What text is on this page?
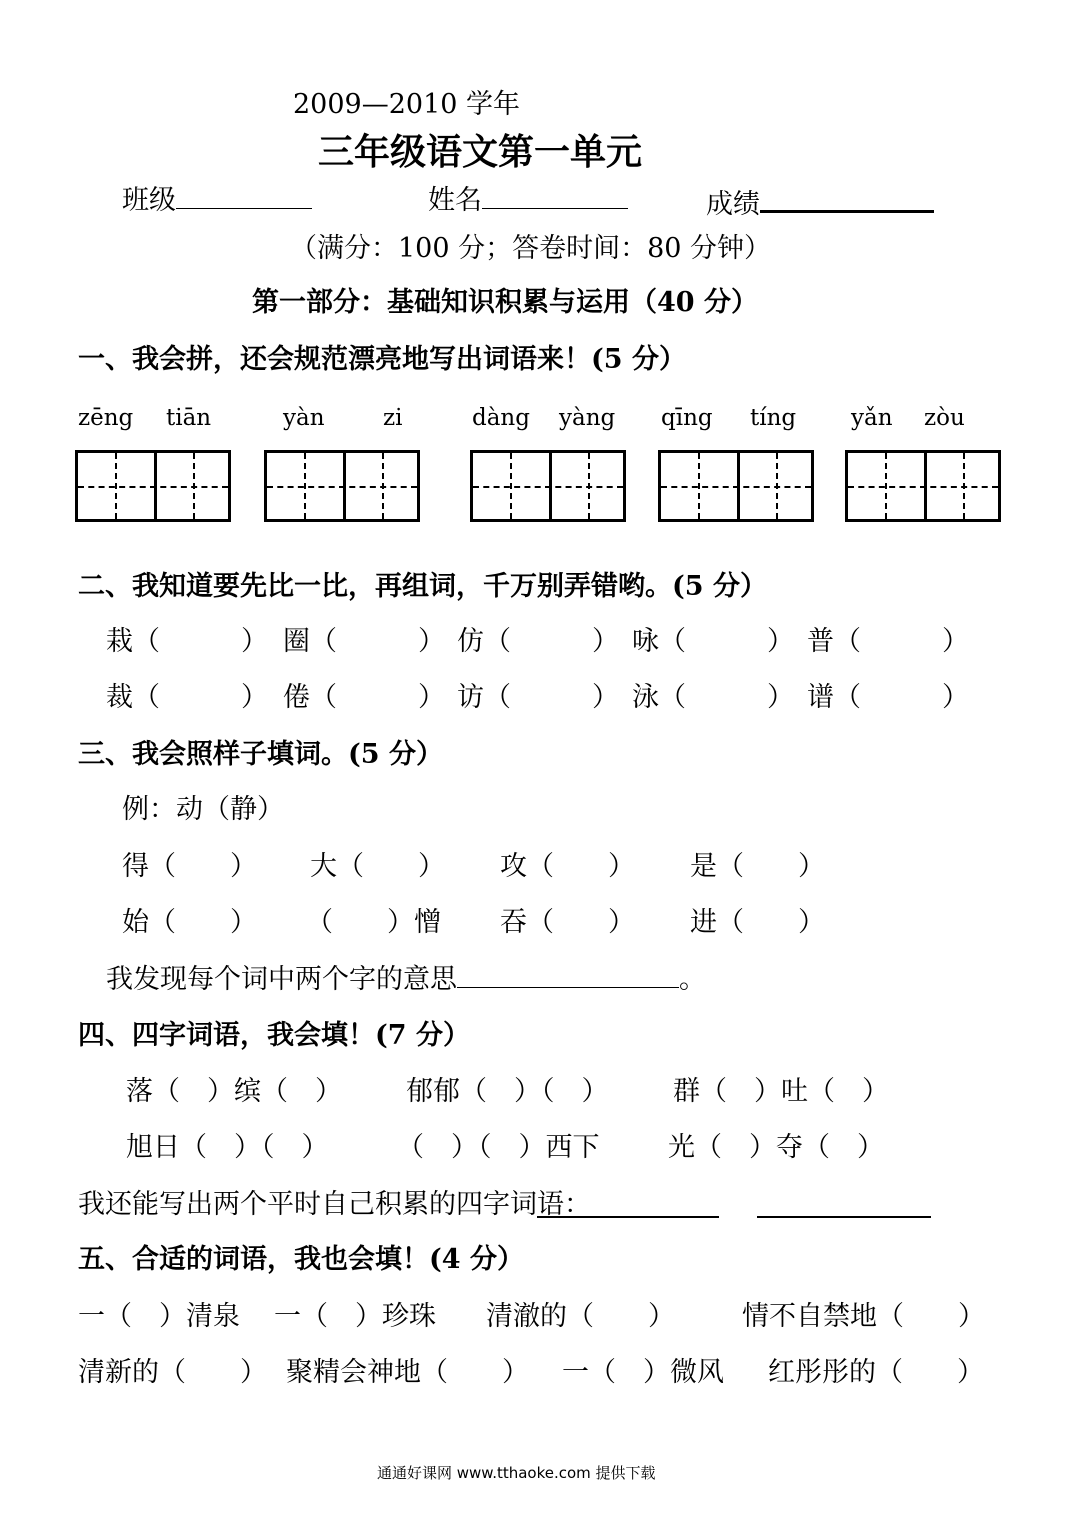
2009—2010 学年
三年级语文第一单元
班级	姓名	成绩
（满分：100 分；答卷时间：80 分钟）
第一部分：基础知识积累与运用（40 分）
一、我会拼，还会规范漂亮地写出词语来！(5 分）
zēng tiān	yàn	zi	dàng yàng qīng tíng yǎn zòu
二、我知道要先比一比，再组词，千万别弄错哟。(5 分）
栽（　　　） 圈（　　　） 仿（　　　） 咏（　　　） 普（　　　）
裁（　　　） 倦（　　　） 访（　　　） 泳（　　　） 谱（　　　）
三、我会照样子填词。(5 分）
例：动（静）
得（　　） 大（　　） 攻（　　） 是（　　）
始（　　） （　　）憎 吞（　　） 进（　　）
我发现每个词中两个字的意思	。
四、四字词语，我会填！(7 分）
落（　）缤（　） 郁郁（　）（　） 群（　）吐（　）
旭日（　）（　）	（　）（　）西下	光（　）夺（　）
我还能写出两个平时自己积累的四字词语：
五、合适的词语，我也会填！(4 分）
一（　）清泉 一（　）珍珠 清澈的（　　） 情不自禁地（　　）
清新的（　　） 聚精会神地（　　） 一（　）微风 红彤彤的（　　）
通通好课网 www.tthaoke.com 提供下载
